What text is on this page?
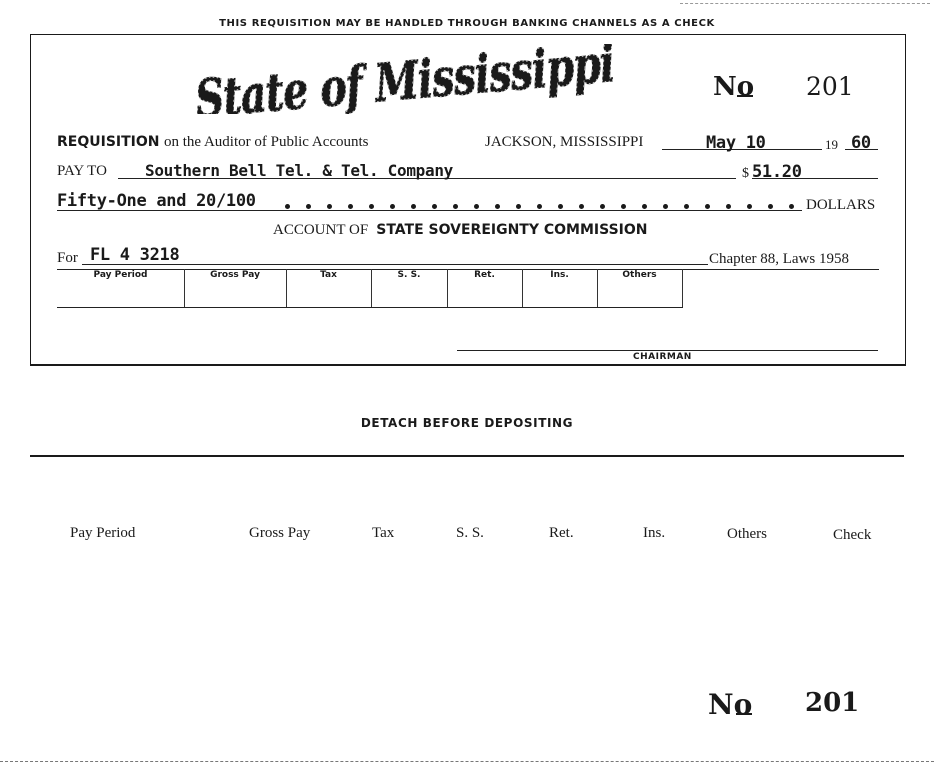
THIS REQUISITION MAY BE HANDLED THROUGH BANKING CHANNELS AS A CHECK
State of Mississippi
State of Mississippi
No 201
REQUISITION on the Auditor of Public Accounts	JACKSON, MISSISSIPPI	May 10	19 60
PAY TO Southern Bell Tel. & Tel. Company	$ 51.20
Fifty-One and 20/100	DOLLARS
ACCOUNT OF STATE SOVEREIGNTY COMMISSION
For FL 4 3218	Chapter 88, Laws 1958
Pay Period	Gross Pay	Tax	S. S.	Ret.	Ins.	Others
CHAIRMAN
DETACH BEFORE DEPOSITING
Pay Period	Gross Pay	Tax	S. S.	Ret.	Ins.	Others	Check
No 201
